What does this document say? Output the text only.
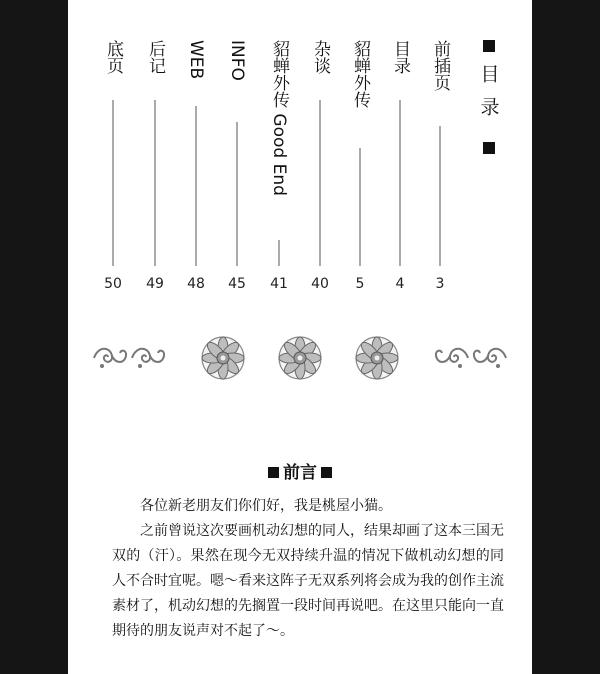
目录
前插页
3
目录
4
貂蝉外传
5
杂谈
40
貂蝉外传 Good End
41
INFO
45
WEB
48
后记
49
底页
50
前言

各位新老朋友们你们好，我是桃屋小猫。

之前曾说这次要画机动幻想的同人，结果却画了这本三国无双的（汗）。果然在现今无双持续升温的情况下做机动幻想的同人不合时宜呢。嗯～看来这阵子无双系列将会成为我的创作主流素材了，机动幻想的先搁置一段时间再说吧。在这里只能向一直期待的朋友说声对不起了～。
